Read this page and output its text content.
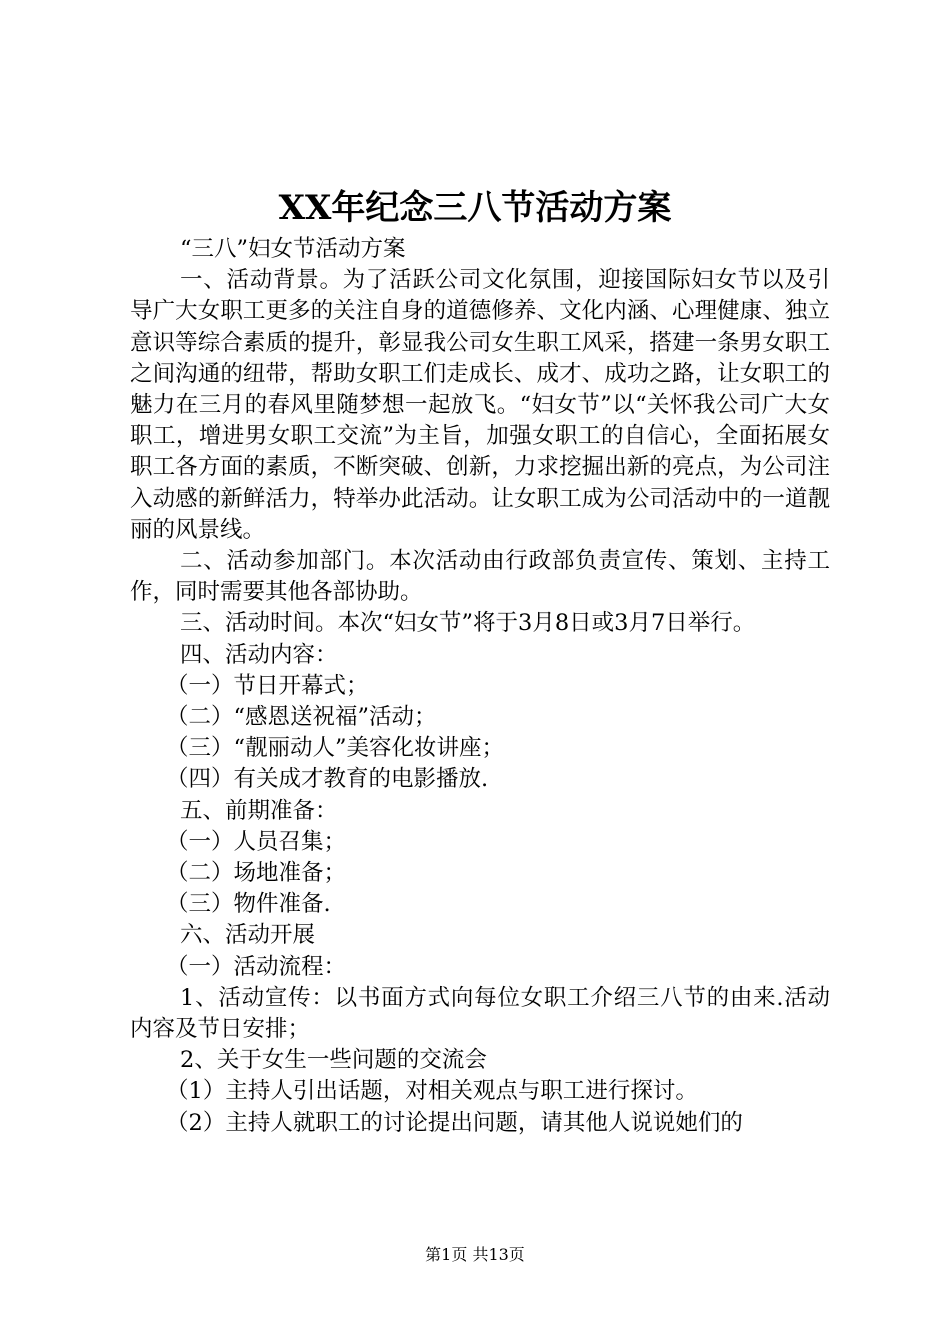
XX年纪念三八节活动方案

“三八”妇女节活动方案

一、活动背景。为了活跃公司文化氛围，迎接国际妇女节以及引导广大女职工更多的关注自身的道德修养、文化内涵、心理健康、独立意识等综合素质的提升，彰显我公司女生职工风采，搭建一条男女职工之间沟通的纽带，帮助女职工们走成长、成才、成功之路，让女职工的魅力在三月的春风里随梦想一起放飞。“妇女节”以“关怀我公司广大女职工，增进男女职工交流”为主旨，加强女职工的自信心，全面拓展女职工各方面的素质，不断突破、创新，力求挖掘出新的亮点，为公司注入动感的新鲜活力，特举办此活动。让女职工成为公司活动中的一道靓丽的风景线。

二、活动参加部门。本次活动由行政部负责宣传、策划、主持工作，同时需要其他各部协助。

三、活动时间。本次“妇女节”将于3月8日或3月7日举行。

四、活动内容：

（一）节日开幕式；

（二）“感恩送祝福”活动；

（三）“靓丽动人”美容化妆讲座；

（四）有关成才教育的电影播放.

五、前期准备：

（一）人员召集；

（二）场地准备；

（三）物件准备.

六、活动开展

（一）活动流程：

1、活动宣传：以书面方式向每位女职工介绍三八节的由来.活动内容及节日安排；

2、关于女生一些问题的交流会

（1）主持人引出话题，对相关观点与职工进行探讨。

（2）主持人就职工的讨论提出问题，请其他人说说她们的

第1页 共13页
